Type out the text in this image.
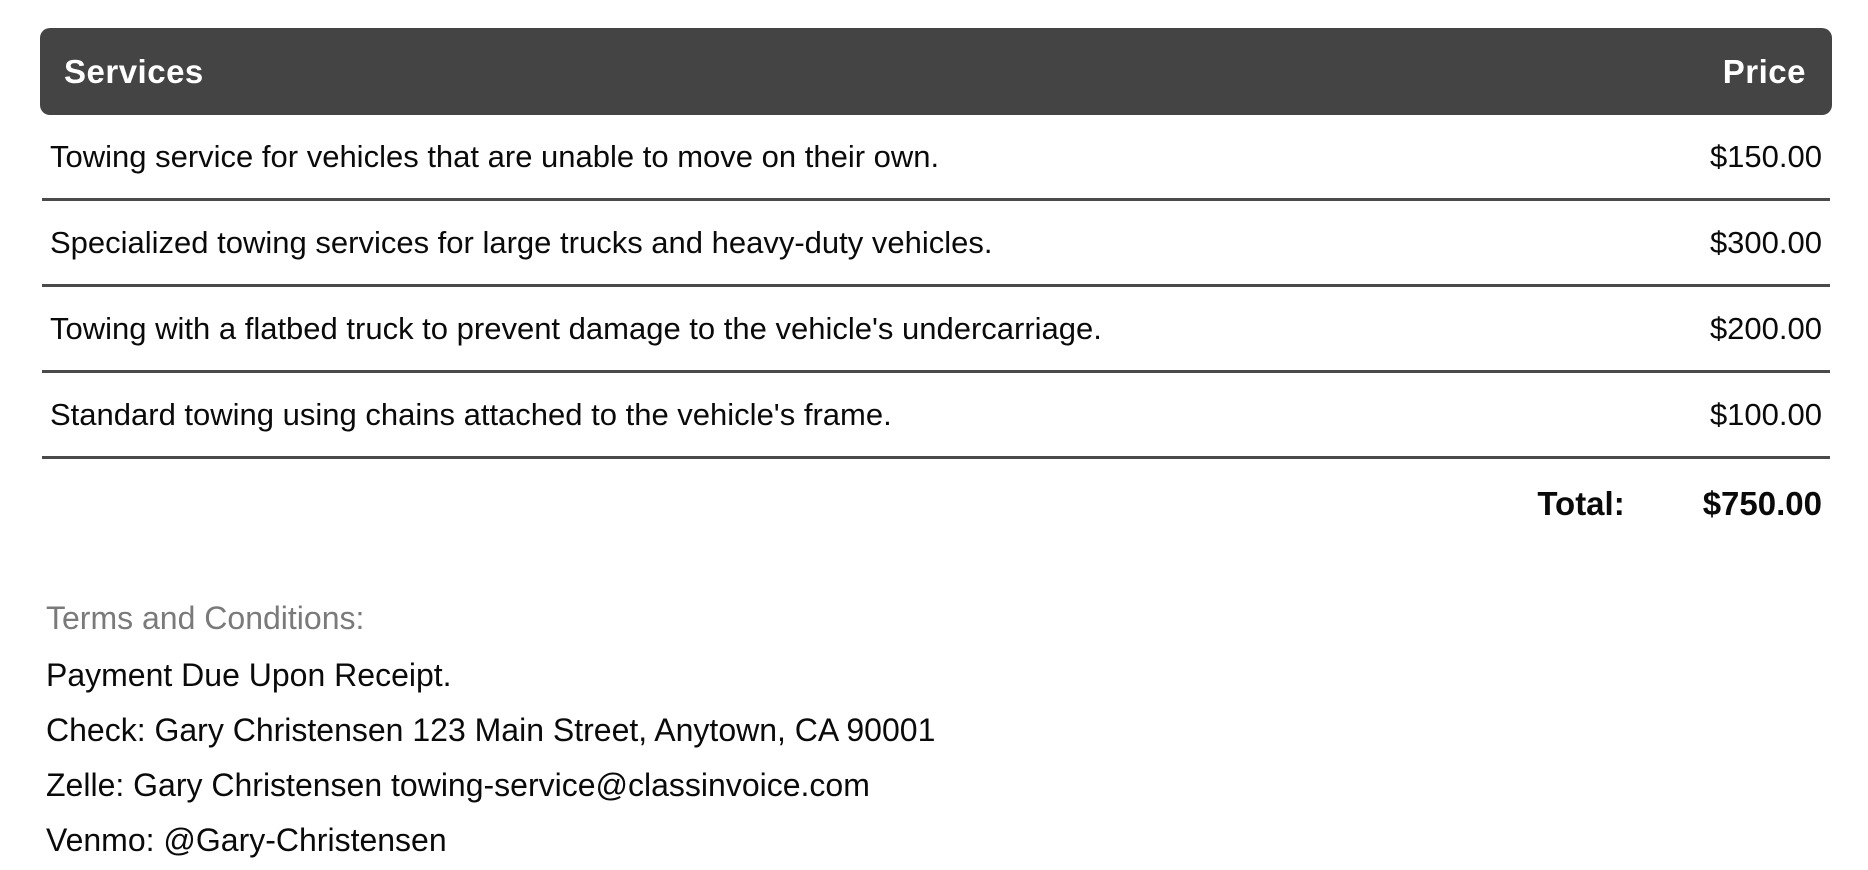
Services	Price
Towing service for vehicles that are unable to move on their own.	$150.00
Specialized towing services for large trucks and heavy-duty vehicles.	$300.00
Towing with a flatbed truck to prevent damage to the vehicle's undercarriage.	$200.00
Standard towing using chains attached to the vehicle's frame.	$100.00
Total: $750.00
Terms and Conditions:
Payment Due Upon Receipt.
Check: Gary Christensen 123 Main Street, Anytown, CA 90001
Zelle: Gary Christensen towing-service@classinvoice.com
Venmo: @Gary-Christensen
